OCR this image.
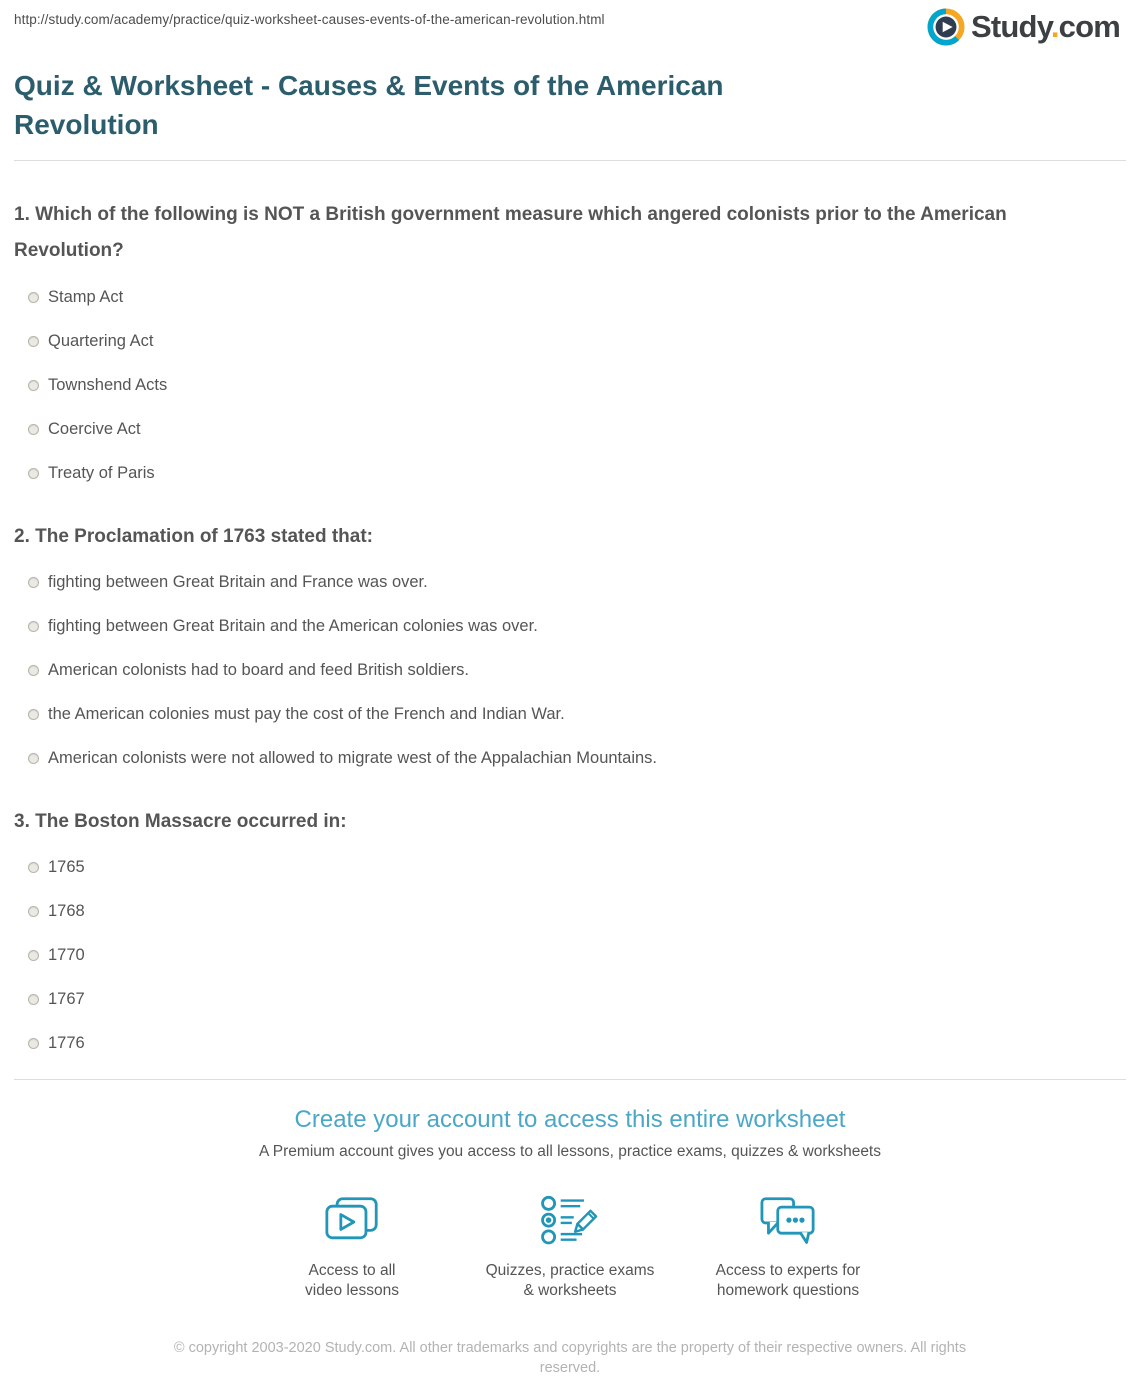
http://study.com/academy/practice/quiz-worksheet-causes-events-of-the-american-revolution.html	Study.com
Quiz & Worksheet - Causes & Events of the American Revolution

1. Which of the following is NOT a British government measure which angered colonists prior to the American Revolution?

Stamp Act
Quartering Act
Townshend Acts
Coercive Act
Treaty of Paris

2. The Proclamation of 1763 stated that:

fighting between Great Britain and France was over.
fighting between Great Britain and the American colonies was over.
American colonists had to board and feed British soldiers.
the American colonies must pay the cost of the French and Indian War.
American colonists were not allowed to migrate west of the Appalachian Mountains.

3. The Boston Massacre occurred in:

1765
1768
1770
1767
1776
Create your account to access this entire worksheet
A Premium account gives you access to all lessons, practice exams, quizzes & worksheets
Access to all
video lessons
Quizzes, practice exams
& worksheets
Access to experts for
homework questions
© copyright 2003-2020 Study.com. All other trademarks and copyrights are the property of their respective owners. All rights reserved.
